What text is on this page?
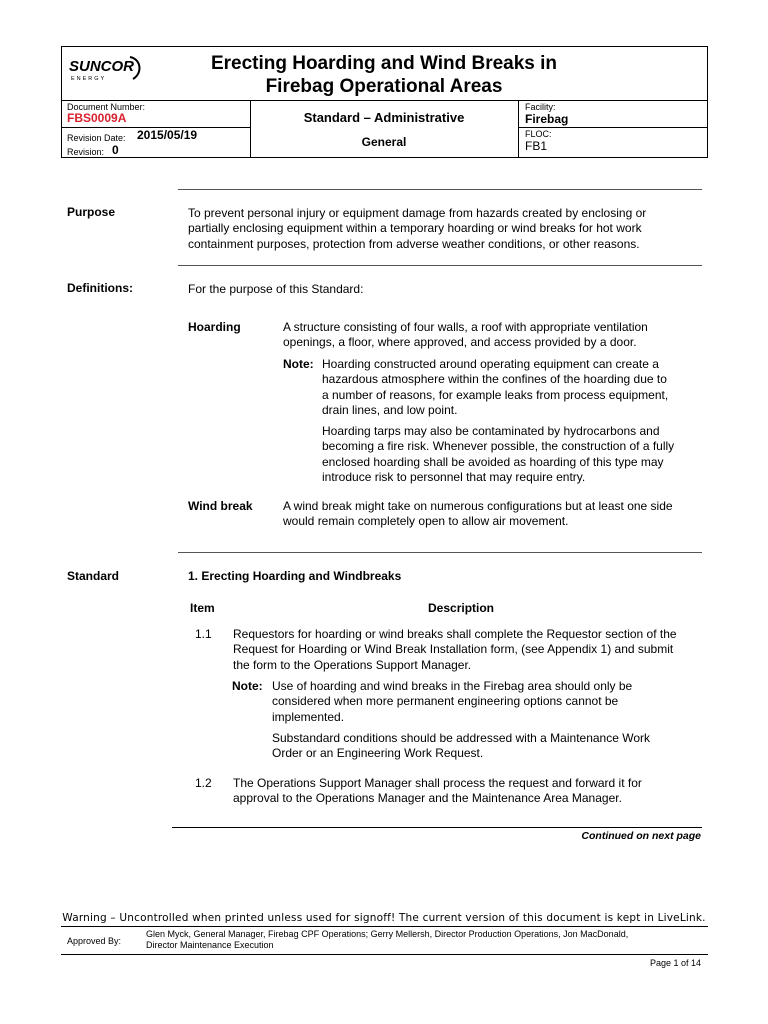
SUNCOR
ENERGY
Erecting Hoarding and Wind Breaks in
Firebag Operational Areas
Document Number:
FBS0009A
Revision Date: 2015/05/19
Revision: 0
Standard – Administrative
General
Facility:
Firebag
FLOC:
FB1
Purpose	To prevent personal injury or equipment damage from hazards created by enclosing or
partially enclosing equipment within a temporary hoarding or wind breaks for hot work
containment purposes, protection from adverse weather conditions, or other reasons.
Definitions:	For the purpose of this Standard:
Hoarding	A structure consisting of four walls, a roof with appropriate ventilation
openings, a floor, where approved, and access provided by a door.
Note: Hoarding constructed around operating equipment can create a
hazardous atmosphere within the confines of the hoarding due to
a number of reasons, for example leaks from process equipment,
drain lines, and low point.
Hoarding tarps may also be contaminated by hydrocarbons and
becoming a fire risk. Whenever possible, the construction of a fully
enclosed hoarding shall be avoided as hoarding of this type may
introduce risk to personnel that may require entry.
Wind break	A wind break might take on numerous configurations but at least one side
would remain completely open to allow air movement.
Standard	1. Erecting Hoarding and Windbreaks
Item	Description
1.1 Requestors for hoarding or wind breaks shall complete the Requestor section of the
Request for Hoarding or Wind Break Installation form, (see Appendix 1) and submit
the form to the Operations Support Manager.
Note: Use of hoarding and wind breaks in the Firebag area should only be
considered when more permanent engineering options cannot be
implemented.
Substandard conditions should be addressed with a Maintenance Work
Order or an Engineering Work Request.
1.2 The Operations Support Manager shall process the request and forward it for
approval to the Operations Manager and the Maintenance Area Manager.
Continued on next page
Warning – Uncontrolled when printed unless used for signoff! The current version of this document is kept in LiveLink.
Approved By:
Glen Myck, General Manager, Firebag CPF Operations; Gerry Mellersh, Director Production Operations, Jon MacDonald,
Director Maintenance Execution
Page 1 of 14
